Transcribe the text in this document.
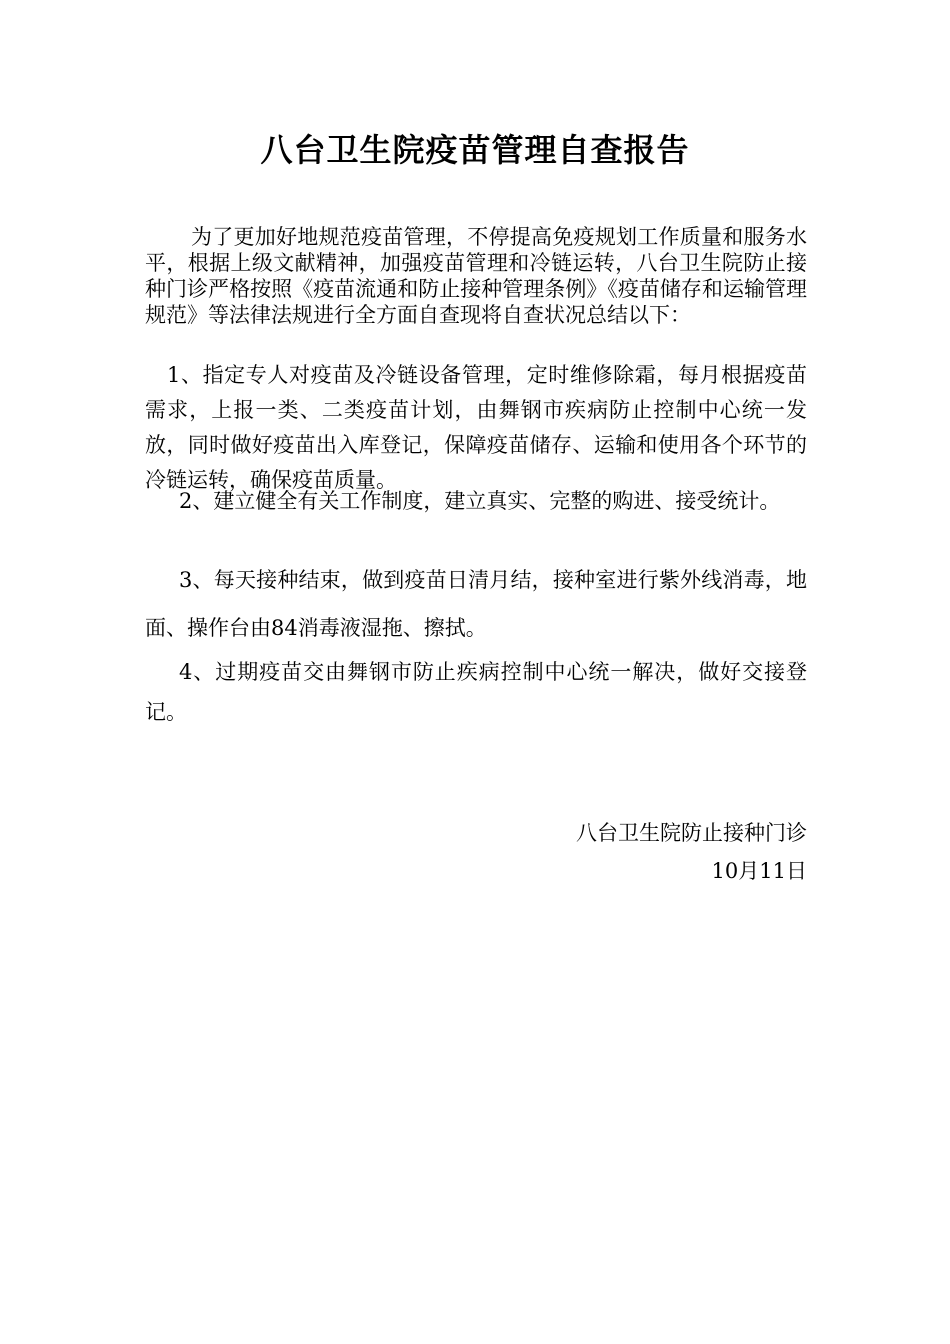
八台卫生院疫苗管理自查报告

为了更加好地规范疫苗管理，不停提高免疫规划工作质量和服务水平，根据上级文献精神，加强疫苗管理和冷链运转，八台卫生院防止接种门诊严格按照《疫苗流通和防止接种管理条例》《疫苗储存和运输管理规范》等法律法规进行全方面自查现将自查状况总结以下：

1、指定专人对疫苗及冷链设备管理，定时维修除霜，每月根据疫苗需求，上报一类、二类疫苗计划，由舞钢市疾病防止控制中心统一发放，同时做好疫苗出入库登记，保障疫苗储存、运输和使用各个环节的冷链运转，确保疫苗质量。

2、建立健全有关工作制度，建立真实、完整的购进、接受统计。

3、每天接种结束，做到疫苗日清月结，接种室进行紫外线消毒，地面、操作台由84消毒液湿拖、擦拭。

4、过期疫苗交由舞钢市防止疾病控制中心统一解决，做好交接登记。

八台卫生院防止接种门诊

10月11日
